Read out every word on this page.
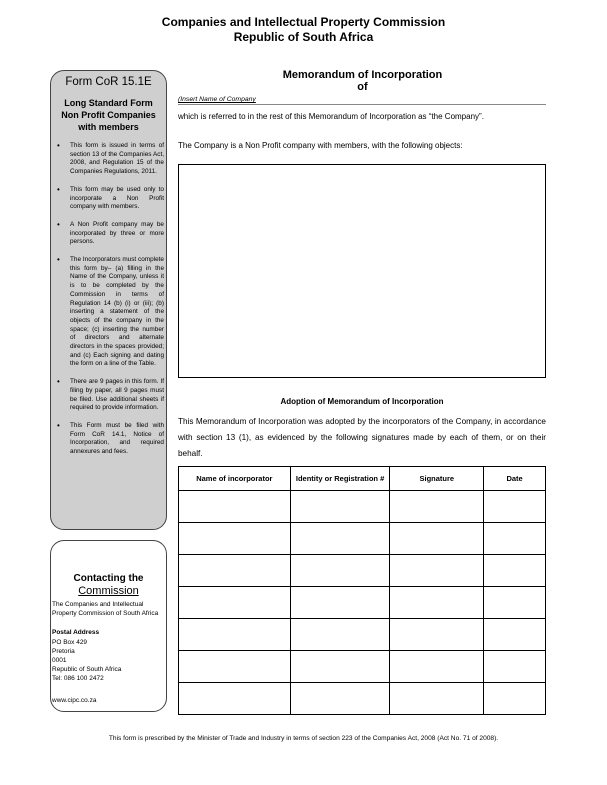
Companies and Intellectual Property Commission
Republic of South Africa
Form CoR 15.1E
Long Standard Form
Non Profit Companies
with members
• This form is issued in terms of section 13 of the Companies Act, 2008, and Regulation 15 of the Companies Regulations, 2011.
• This form may be used only to incorporate a Non Profit company with members.
• A Non Profit company may be incorporated by three or more persons.
• The Incorporators must complete this form by– (a) filling in the Name of the Company, unless it is to be completed by the Commission in terms of Regulation 14 (b) (i) or (iii); (b) inserting a statement of the objects of the company in the space; (c) inserting the number of directors and alternate directors in the spaces provided; and (c) Each signing and dating the form on a line of the Table.
• There are 9 pages in this form. If filing by paper, all 9 pages must be filed. Use additional sheets if required to provide information.
• This Form must be filed with Form CoR 14.1, Notice of Incorporation, and required annexures and fees.
Contacting the
Commission
The Companies and Intellectual Property Commission of South Africa
Postal Address
PO Box 429
Pretoria
0001
Republic of South Africa
Tel: 086 100 2472
www.cipc.co.za
Memorandum of Incorporation
of
(Insert Name of Company
which is referred to in the rest of this Memorandum of Incorporation as “the Company”.
The Company is a Non Profit company with members, with the following objects:
Adoption of Memorandum of Incorporation
This Memorandum of Incorporation was adopted by the incorporators of the Company, in accordance with section 13 (1), as evidenced by the following signatures made by each of them, or on their behalf.
Name of incorporator	Identity or Registration #	Signature	Date

This form is prescribed by the Minister of Trade and Industry in terms of section 223 of the Companies Act, 2008 (Act No. 71 of 2008).
